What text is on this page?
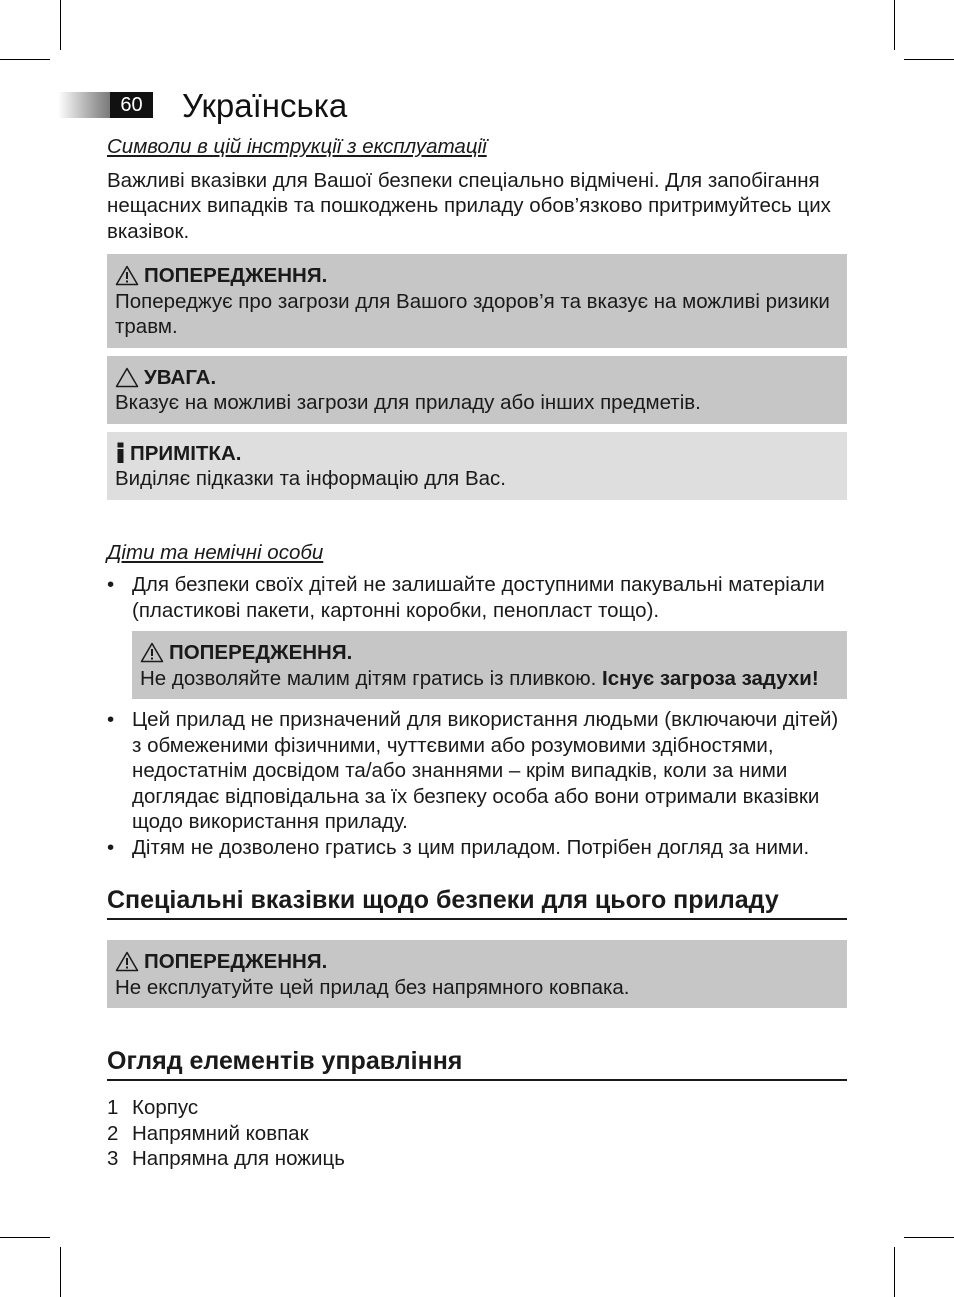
60	Українська

Символи в цій інструкції з експлуатації

Важливі вказівки для Вашої безпеки спеціально відмічені. Для запобігання нещасних випадків та пошкоджень приладу обов’язково притримуйтесь цих вказівок.

ПОПЕРЕДЖЕННЯ.
Попереджує про загрози для Вашого здоров’я та вказує на можливі ризики травм.
УВАГА.
Вказує на можливі загрози для приладу або інших предметів.
ПРИМІТКА.
Виділяє підказки та інформацію для Вас.

Діти та немічні особи

• Для безпеки своїх дітей не залишайте доступними пакувальні матеріали (пластикові пакети, картонні коробки, пенопласт тощо).
ПОПЕРЕДЖЕННЯ.
Не дозволяйте малим дітям гратись із пливкою. Існує загроза задухи!
• Цей прилад не призначений для використання людьми (включаючи дітей) з обмеженими фізичними, чуттєвими або розумовими здібностями, недостатнім досвідом та/або знаннями – крім випадків, коли за ними доглядає відповідальна за їх безпеку особа або вони отримали вказівки щодо використання приладу.
• Дітям не дозволено гратись з цим приладом. Потрібен догляд за ними.
Спеціальні вказівки щодо безпеки для цього приладу
ПОПЕРЕДЖЕННЯ.
Не експлуатуйте цей прилад без напрямного ковпака.
Огляд елементів управління
1 Корпус
2 Напрямний ковпак
3 Напрямна для ножиць
